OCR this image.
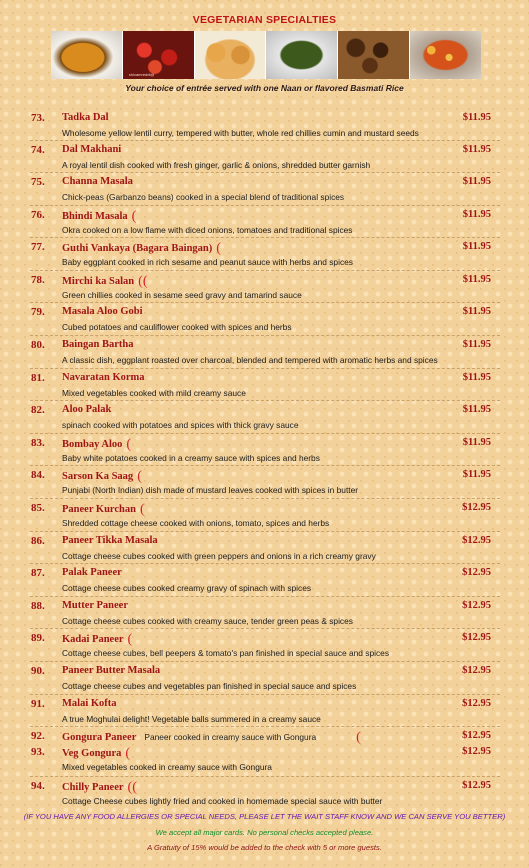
VEGETARIAN SPECIALTIES
shivamreddi@
Your choice of entrée served with one Naan or flavored Basmati Rice
73. Tadka Dal	$11.95
Wholesome yellow lentil curry, tempered with butter, whole red chillies cumin and mustard seeds
74. Dal Makhani	$11.95
A royal lentil dish cooked with fresh ginger, garlic & onions, shredded butter garnish
75. Channa Masala	$11.95
Chick-peas (Garbanzo beans) cooked in a special blend of traditional spices
76. Bhindi Masala (	$11.95
Okra cooked on a low flame with diced onions, tomatoes and traditional spices
77. Guthi Vankaya (Bagara Baingan) (	$11.95
Baby eggplant cooked in rich sesame and peanut sauce with herbs and spices
78. Mirchi ka Salan ((	$11.95
Green chillies cooked in sesame seed gravy and tamarind sauce
79. Masala Aloo Gobi	$11.95
Cubed potatoes and cauliflower cooked with spices and herbs
80. Baingan Bartha	$11.95
A classic dish, eggplant roasted over charcoal, blended and tempered with aromatic herbs and spices
81. Navaratan Korma	$11.95
Mixed vegetables cooked with mild creamy sauce
82. Aloo Palak	$11.95
spinach cooked with potatoes and spices with thick gravy sauce
83. Bombay Aloo (	$11.95
Baby white potatoes cooked in a creamy sauce with spices and herbs
84. Sarson Ka Saag (	$11.95
Punjabi (North Indian) dish made of mustard leaves cooked with spices in butter
85. Paneer Kurchan (	$12.95
Shredded cottage cheese cooked with onions, tomato, spices and herbs
86. Paneer Tikka Masala	$12.95
Cottage cheese cubes cooked with green peppers and onions in a rich creamy gravy
87. Palak Paneer	$12.95
Cottage cheese cubes cooked creamy gravy of spinach with spices
88. Mutter Paneer	$12.95
Cottage cheese cubes cooked with creamy sauce, tender green peas & spices
89. Kadai Paneer (	$12.95
Cottage cheese cubes, bell peepers & tomato's pan finished in special sauce and spices
90. Paneer Butter Masala	$12.95
Cottage cheese cubes and vegetables pan finished in special sauce and spices
91. Malai Kofta	$12.95
A true Moghulai delight! Vegetable balls summered in a creamy sauce
92. Gongura Paneer Paneer cooked in creamy sauce with Gongura	(	$12.95
93. Veg Gongura (	$12.95
Mixed vegetables cooked in creamy sauce with Gongura
94. Chilly Paneer ((	$12.95
Cottage Cheese cubes lightly fried and cooked in homemade special sauce with butter
(IF YOU HAVE ANY FOOD ALLERGIES OR SPECIAL NEEDS, PLEASE LET THE WAIT STAFF KNOW AND WE CAN SERVE YOU BETTER)
We accept all major cards. No personal checks accepted please.
A Gratuity of 15% would be added to the check with 5 or more guests.
